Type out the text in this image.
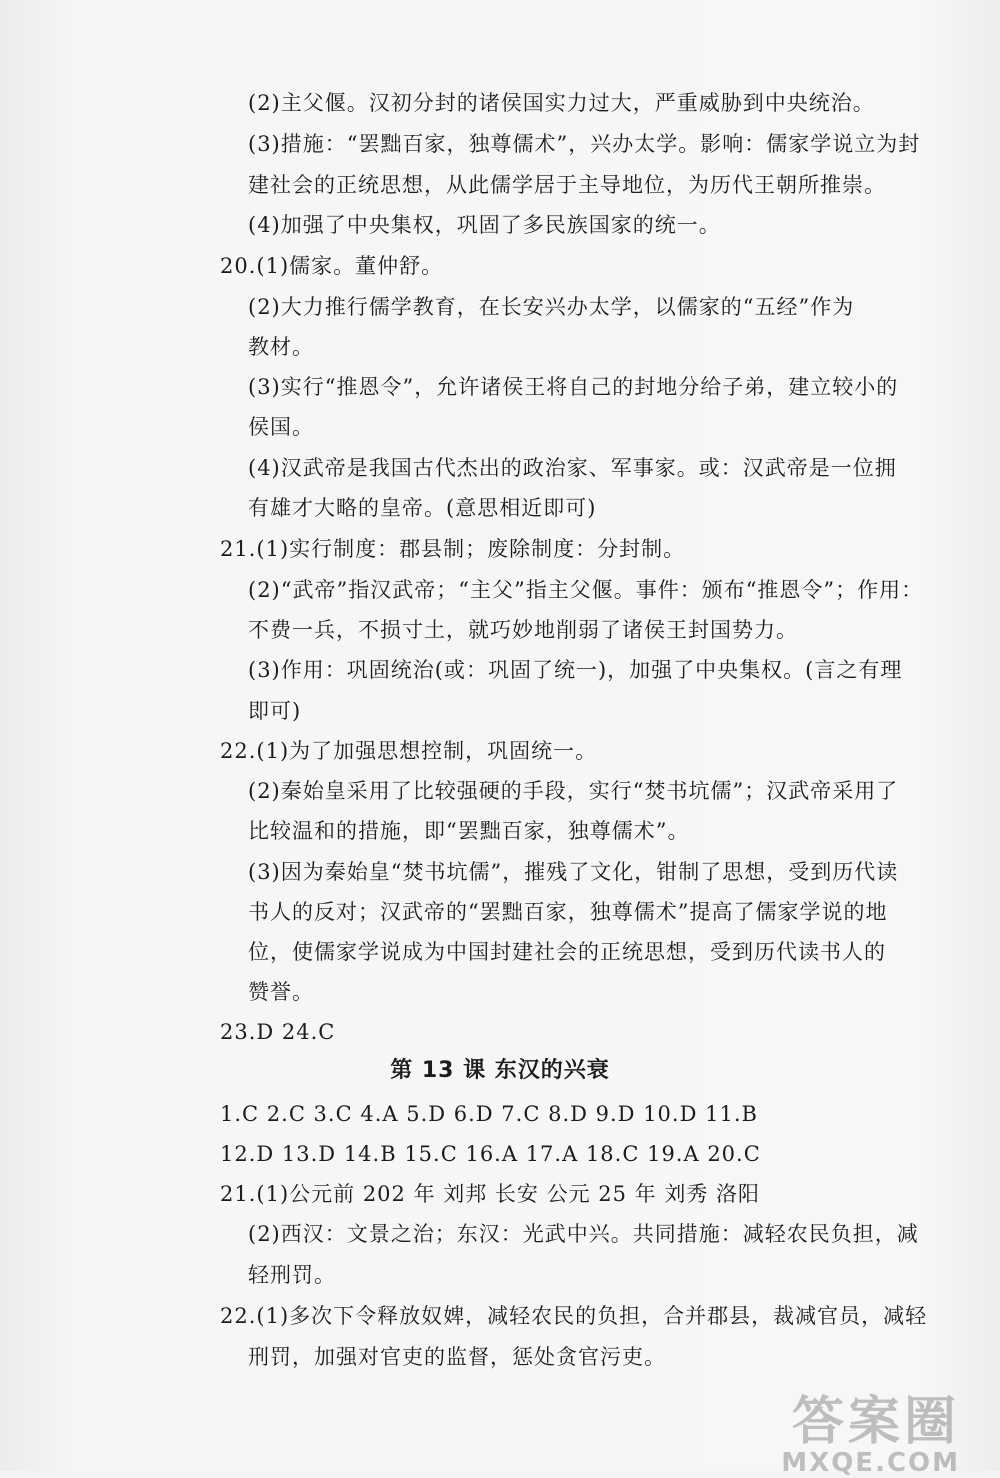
(2)主父偃。汉初分封的诸侯国实力过大，严重威胁到中央统治。
(3)措施：“罢黜百家，独尊儒术”，兴办太学。影响：儒家学说立为封
建社会的正统思想，从此儒学居于主导地位，为历代王朝所推崇。
(4)加强了中央集权，巩固了多民族国家的统一。
20.(1)儒家。董仲舒。
(2)大力推行儒学教育，在长安兴办太学，以儒家的“五经”作为
教材。
(3)实行“推恩令”，允许诸侯王将自己的封地分给子弟，建立较小的
侯国。
(4)汉武帝是我国古代杰出的政治家、军事家。或：汉武帝是一位拥
有雄才大略的皇帝。(意思相近即可)
21.(1)实行制度：郡县制；废除制度：分封制。
(2)“武帝”指汉武帝；“主父”指主父偃。事件：颁布“推恩令”；作用：
不费一兵，不损寸土，就巧妙地削弱了诸侯王封国势力。
(3)作用：巩固统治(或：巩固了统一)，加强了中央集权。(言之有理
即可)
22.(1)为了加强思想控制，巩固统一。
(2)秦始皇采用了比较强硬的手段，实行“焚书坑儒”；汉武帝采用了
比较温和的措施，即“罢黜百家，独尊儒术”。
(3)因为秦始皇“焚书坑儒”，摧残了文化，钳制了思想，受到历代读
书人的反对；汉武帝的“罢黜百家，独尊儒术”提高了儒家学说的地
位，使儒家学说成为中国封建社会的正统思想，受到历代读书人的
赞誉。
23.D 24.C
第 13 课 东汉的兴衰
1.C 2.C 3.C 4.A 5.D 6.D 7.C 8.D 9.D 10.D 11.B
12.D 13.D 14.B 15.C 16.A 17.A 18.C 19.A 20.C
21.(1)公元前 202 年 刘邦 长安 公元 25 年 刘秀 洛阳
(2)西汉：文景之治；东汉：光武中兴。共同措施：减轻农民负担，减
轻刑罚。
22.(1)多次下令释放奴婢，减轻农民的负担，合并郡县，裁减官员，减轻
刑罚，加强对官吏的监督，惩处贪官污吏。
答案圈
MXQE.COM
